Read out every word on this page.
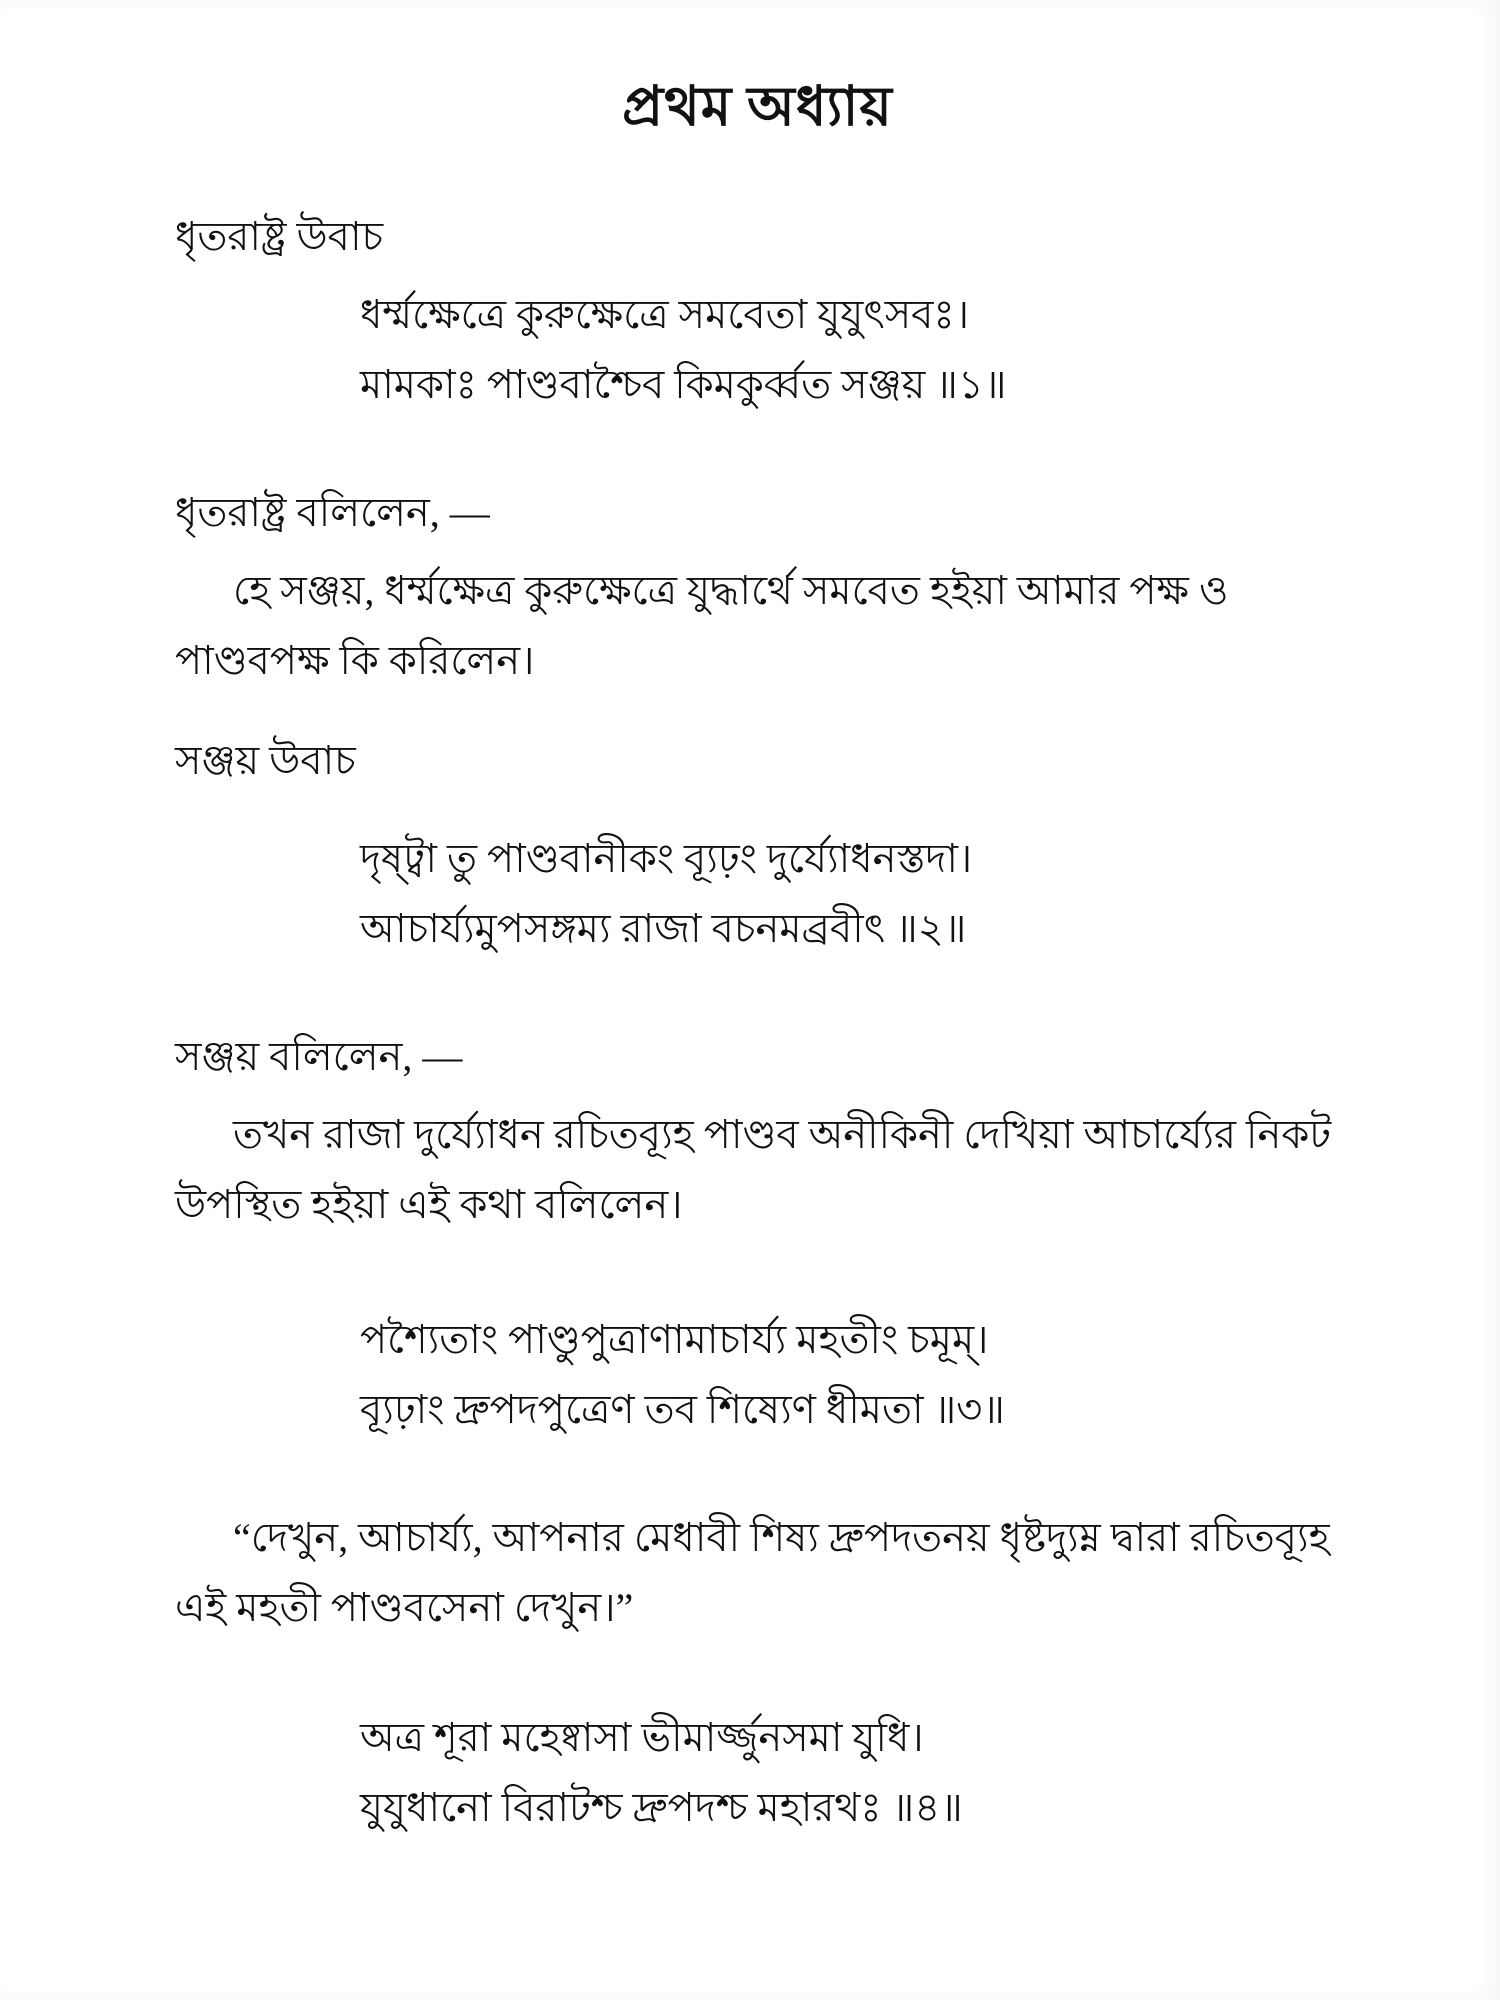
প্রথম অধ্যায়

ধৃতরাষ্ট্র উবাচ

ধর্ম্মক্ষেত্রে কুরুক্ষেত্রে সমবেতা যুযুৎসবঃ।

মামকাঃ পাণ্ডবাশ্চৈব কিমকুর্ব্বত সঞ্জয় ॥১॥

ধৃতরাষ্ট্র বলিলেন, —

হে সঞ্জয়, ধর্ম্মক্ষেত্র কুরুক্ষেত্রে যুদ্ধার্থে সমবেত হইয়া আমার পক্ষ ও পাণ্ডবপক্ষ কি করিলেন।

সঞ্জয় উবাচ

দৃষ্ট্বা তু পাণ্ডবানীকং ব্যূঢ়ং দুর্য্যোধনস্তদা।

আচার্য্যমুপসঙ্গম্য রাজা বচনমব্রবীৎ ॥২॥

সঞ্জয় বলিলেন, —

তখন রাজা দুর্য্যোধন রচিতব্যূহ পাণ্ডব অনীকিনী দেখিয়া আচার্য্যের নিকট উপস্থিত হইয়া এই কথা বলিলেন।

পশ্যৈতাং পাণ্ডুপুত্রাণামাচার্য্য মহতীং চমূম্।

ব্যূঢ়াং দ্রুপদপুত্রেণ তব শিষ্যেণ ধীমতা ॥৩॥

“দেখুন, আচার্য্য, আপনার মেধাবী শিষ্য দ্রুপদতনয় ধৃষ্টদ্যুম্ন দ্বারা রচিতব্যূহ এই মহতী পাণ্ডবসেনা দেখুন।”

অত্র শূরা মহেষ্বাসা ভীমার্জ্জুনসমা যুধি।

যুযুধানো বিরাটশ্চ দ্রুপদশ্চ মহারথঃ ॥৪॥
